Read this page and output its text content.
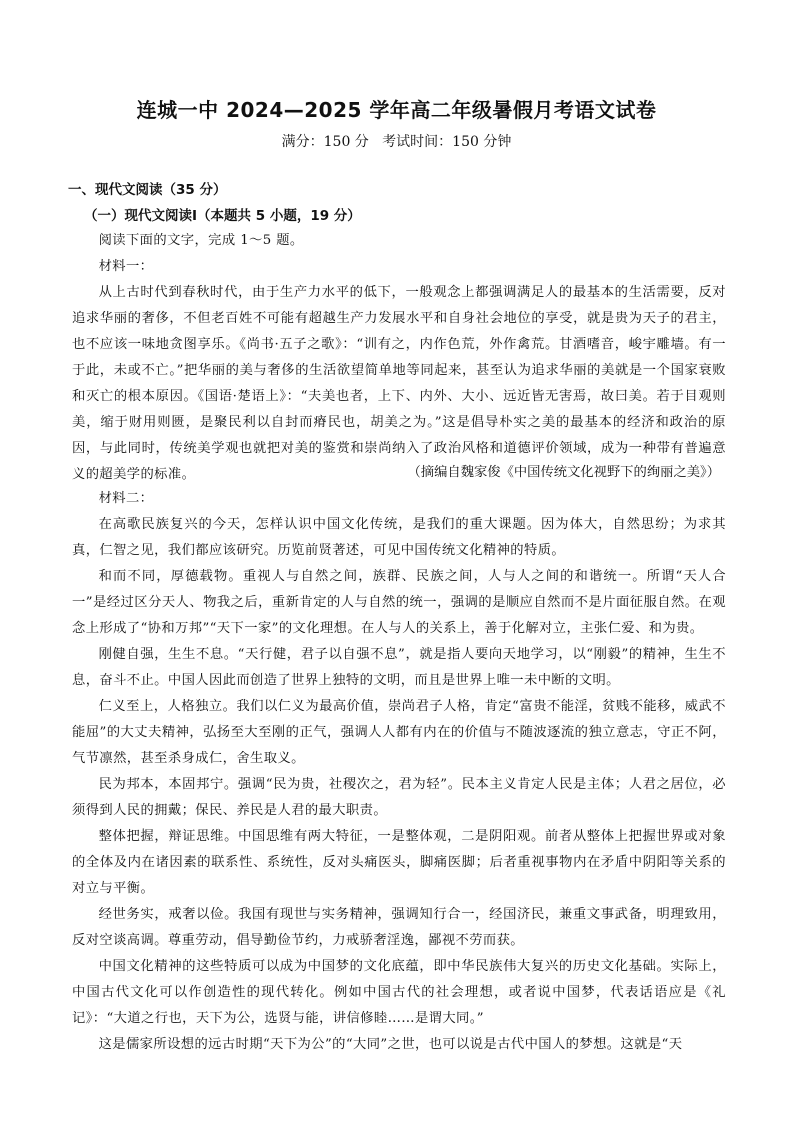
连城一中 2024—2025 学年高二年级暑假月考语文试卷
满分：150 分   考试时间：150 分钟
一、现代文阅读（35 分）
（一）现代文阅读Ⅰ（本题共 5 小题，19 分）

阅读下面的文字，完成 1～5 题。

材料一：

从上古时代到春秋时代，由于生产力水平的低下，一般观念上都强调满足人的最基本的生活需要，反对追求华丽的奢侈，不但老百姓不可能有超越生产力发展水平和自身社会地位的享受，就是贵为天子的君主，也不应该一味地贪图享乐。《尚书·五子之歌》：“训有之，内作色荒，外作禽荒。甘酒嗜音，峻宇雕墙。有一于此，未或不亡。”把华丽的美与奢侈的生活欲望简单地等同起来，甚至认为追求华丽的美就是一个国家衰败和灭亡的根本原因。《国语·楚语上》：“夫美也者，上下、内外、大小、远近皆无害焉，故曰美。若于目观则美，缩于财用则匮，是聚民利以自封而瘠民也，胡美之为。”这是倡导朴实之美的最基本的经济和政治的原因，与此同时，传统美学观也就把对美的鉴赏和崇尚纳入了政治风格和道德评价领域，成为一种带有普遍意义的超美学的标准。	（摘编自魏家俊《中国传统文化视野下的绚丽之美》）

材料二：

在高歌民族复兴的今天，怎样认识中国文化传统，是我们的重大课题。因为体大，自然思纷；为求其真，仁智之见，我们都应该研究。历览前贤著述，可见中国传统文化精神的特质。

和而不同，厚德载物。重视人与自然之间，族群、民族之间，人与人之间的和谐统一。所谓“天人合一”是经过区分天人、物我之后，重新肯定的人与自然的统一，强调的是顺应自然而不是片面征服自然。在观念上形成了“协和万邦”“天下一家”的文化理想。在人与人的关系上，善于化解对立，主张仁爱、和为贵。

刚健自强，生生不息。“天行健，君子以自强不息”，就是指人要向天地学习，以“刚毅”的精神，生生不息，奋斗不止。中国人因此而创造了世界上独特的文明，而且是世界上唯一未中断的文明。

仁义至上，人格独立。我们以仁义为最高价值，崇尚君子人格，肯定“富贵不能淫，贫贱不能移，威武不能屈”的大丈夫精神，弘扬至大至刚的正气，强调人人都有内在的价值与不随波逐流的独立意志，守正不阿，气节凛然，甚至杀身成仁，舍生取义。

民为邦本，本固邦宁。强调“民为贵，社稷次之，君为轻”。民本主义肯定人民是主体；人君之居位，必须得到人民的拥戴；保民、养民是人君的最大职责。

整体把握，辩证思维。中国思维有两大特征，一是整体观，二是阴阳观。前者从整体上把握世界或对象的全体及内在诸因素的联系性、系统性，反对头痛医头，脚痛医脚；后者重视事物内在矛盾中阴阳等关系的对立与平衡。

经世务实，戒奢以俭。我国有现世与实务精神，强调知行合一，经国济民，兼重文事武备，明理致用，反对空谈高调。尊重劳动，倡导勤俭节约，力戒骄奢淫逸，鄙视不劳而获。

中国文化精神的这些特质可以成为中国梦的文化底蕴，即中华民族伟大复兴的历史文化基础。实际上，中国古代文化可以作创造性的现代转化。例如中国古代的社会理想，或者说中国梦，代表话语应是《礼记》：“大道之行也，天下为公，选贤与能，讲信修睦……是谓大同。”

这是儒家所设想的远古时期“天下为公”的“大同”之世，也可以说是古代中国人的梦想。这就是“天
